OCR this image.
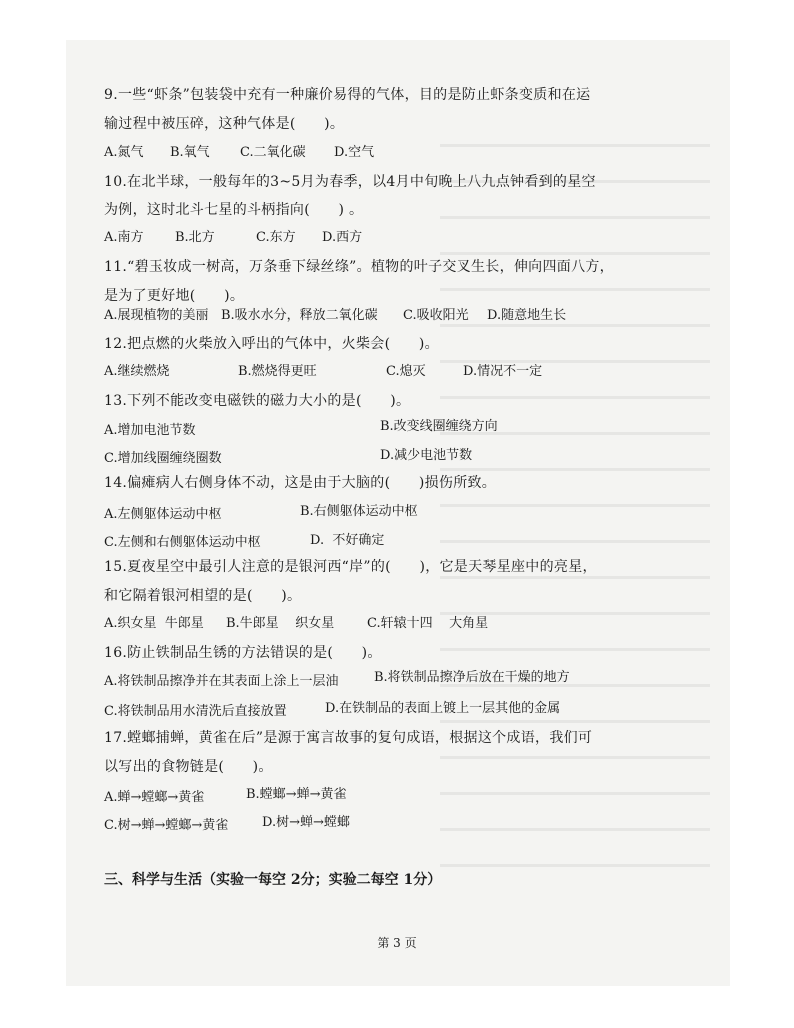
9.一些“虾条”包装袋中充有一种廉价易得的气体，目的是防止虾条变质和在运
输过程中被压碎，这种气体是(      )。
A.氮气 B.氧气 C.二氧化碳 D.空气
10.在北半球，一般每年的3~5月为春季，以4月中旬晚上八九点钟看到的星空
为例，这时北斗七星的斗柄指向(      ) 。
A.南方 B.北方	C.东方 D.西方
11.“碧玉妆成一树高，万条垂下绿丝绦”。植物的叶子交叉生长，伸向四面八方，
是为了更好地(      )。
A.展现植物的美丽 B.吸水水分，释放二氧化碳 C.吸收阳光 D.随意地生长
12.把点燃的火柴放入呼出的气体中，火柴会(      )。
A.继续燃烧	B.燃烧得更旺	C.熄灭	D.情况不一定
13.下列不能改变电磁铁的磁力大小的是(      )。
A.增加电池节数	B.改变线圈缠绕方向
C.增加线圈缠绕圈数	D.减少电池节数
14.偏瘫病人右侧身体不动，这是由于大脑的(      )损伤所致。
A.左侧躯体运动中枢	B.右侧躯体运动中枢
C.左侧和右侧躯体运动中枢	D.  不好确定
15.夏夜星空中最引人注意的是银河西“岸”的(      )，它是天琴星座中的亮星，
和它隔着银河相望的是(      )。
A.织女星  牛郎星 B.牛郎星    织女星	C.轩辕十四    大角星
16.防止铁制品生锈的方法错误的是(      )。
A.将铁制品擦净并在其表面上涂上一层油	B.将铁制品擦净后放在干燥的地方
C.将铁制品用水清洗后直接放置	D.在铁制品的表面上镀上一层其他的金属
17.螳螂捕蝉，黄雀在后”是源于寓言故事的复句成语，根据这个成语，我们可
以写出的食物链是(      )。
A.蝉→螳螂→黄雀	B.螳螂→蝉→黄雀
C.树→蝉→螳螂→黄雀	D.树→蝉→螳螂
三、科学与生活（实验一每空 2分；实验二每空 1分）
第 3 页
